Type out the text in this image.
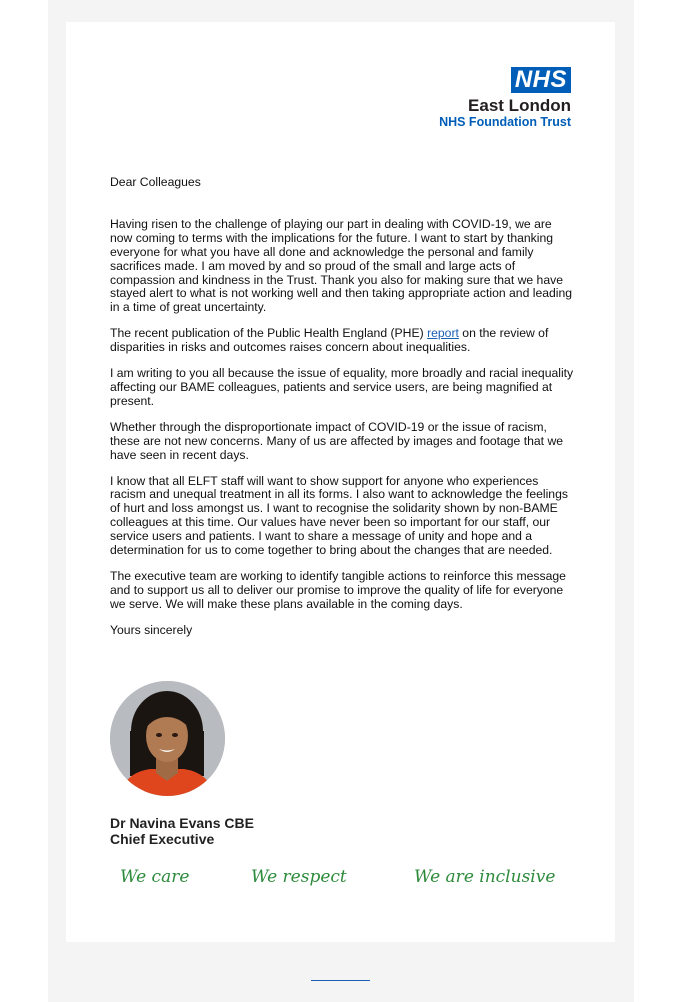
NHS
East London
NHS Foundation Trust

Dear Colleagues

Having risen to the challenge of playing our part in dealing with COVID-19, we are now coming to terms with the implications for the future. I want to start by thanking everyone for what you have all done and acknowledge the personal and family sacrifices made. I am moved by and so proud of the small and large acts of compassion and kindness in the Trust. Thank you also for making sure that we have stayed alert to what is not working well and then taking appropriate action and leading in a time of great uncertainty.

The recent publication of the Public Health England (PHE) report on the review of disparities in risks and outcomes raises concern about inequalities.

I am writing to you all because the issue of equality, more broadly and racial inequality affecting our BAME colleagues, patients and service users, are being magnified at present.

Whether through the disproportionate impact of COVID-19 or the issue of racism, these are not new concerns. Many of us are affected by images and footage that we have seen in recent days.

I know that all ELFT staff will want to show support for anyone who experiences racism and unequal treatment in all its forms. I also want to acknowledge the feelings of hurt and loss amongst us. I want to recognise the solidarity shown by non-BAME colleagues at this time. Our values have never been so important for our staff, our service users and patients. I want to share a message of unity and hope and a determination for us to come together to bring about the changes that are needed.

The executive team are working to identify tangible actions to reinforce this message and to support us all to deliver our promise to improve the quality of life for everyone we serve. We will make these plans available in the coming days.

Yours sincerely

Dr Navina Evans CBE
Chief Executive
We care	We respect	We are inclusive
